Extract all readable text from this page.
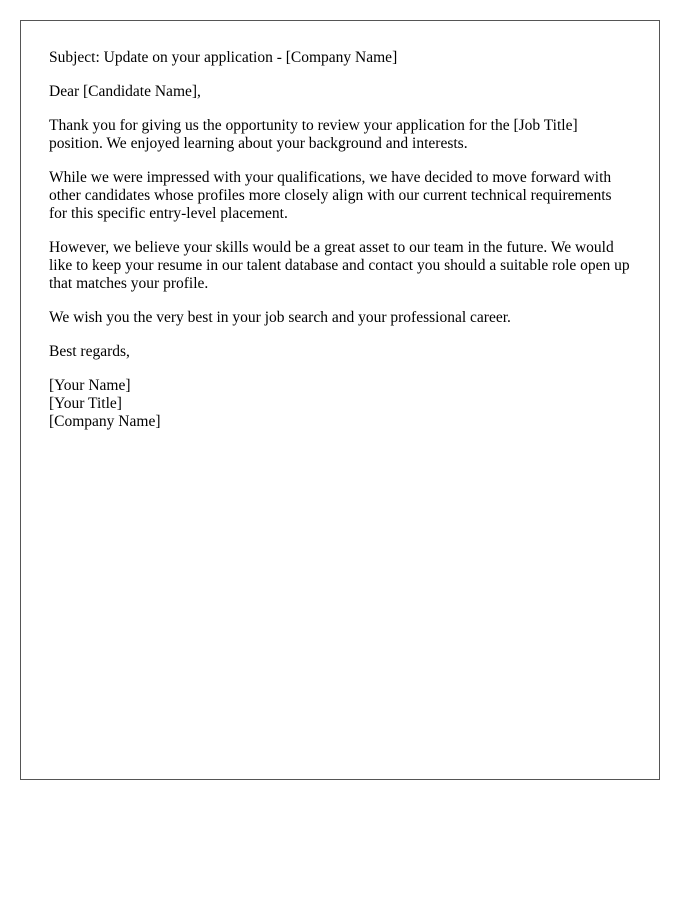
Subject: Update on your application - [Company Name]

Dear [Candidate Name],

Thank you for giving us the opportunity to review your application for the [Job Title] position. We enjoyed learning about your background and interests.

While we were impressed with your qualifications, we have decided to move forward with other candidates whose profiles more closely align with our current technical requirements for this specific entry-level placement.

However, we believe your skills would be a great asset to our team in the future. We would like to keep your resume in our talent database and contact you should a suitable role open up that matches your profile.

We wish you the very best in your job search and your professional career.

Best regards,

[Your Name]
[Your Title]
[Company Name]
